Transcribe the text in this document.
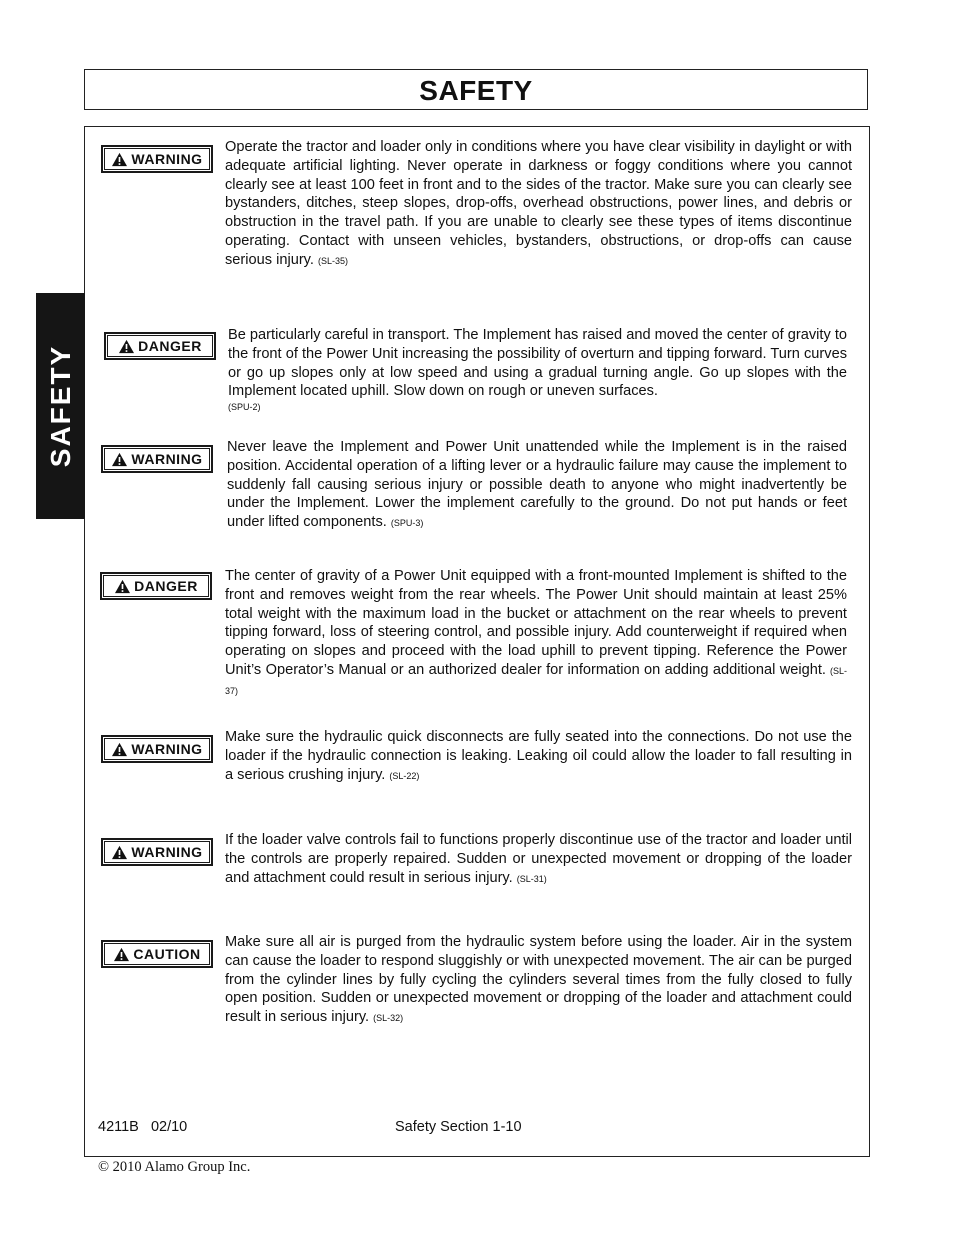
SAFETY
SAFETY
WARNING

Operate the tractor and loader only in conditions where you have clear visibility in daylight or with adequate artificial lighting. Never operate in darkness or foggy conditions where you cannot clearly see at least 100 feet in front and to the sides of the tractor. Make sure you can clearly see bystanders, ditches, steep slopes, drop-offs, overhead obstructions, power lines, and debris or obstruction in the travel path. If you are unable to clearly see these types of items discontinue operating. Contact with unseen vehicles, bystanders, obstructions, or drop-offs can cause serious injury. (SL-35)

DANGER

Be particularly careful in transport. The Implement has raised and moved the center of gravity to the front of the Power Unit increasing the possibility of overturn and tipping forward. Turn curves or go up slopes only at low speed and using a gradual turning angle. Go up slopes with the Implement located uphill. Slow down on rough or uneven surfaces.
(SPU-2)

WARNING

Never leave the Implement and Power Unit unattended while the Implement is in the raised position. Accidental operation of a lifting lever or a hydraulic failure may cause the implement to suddenly fall causing serious injury or possible death to anyone who might inadvertently be under the Implement. Lower the implement carefully to the ground. Do not put hands or feet under lifted components. (SPU-3)

DANGER

The center of gravity of a Power Unit equipped with a front-mounted Implement is shifted to the front and removes weight from the rear wheels. The Power Unit should maintain at least 25% total weight with the maximum load in the bucket or attachment on the rear wheels to prevent tipping forward, loss of steering control, and possible injury. Add counterweight if required when operating on slopes and proceed with the load uphill to prevent tipping. Reference the Power Unit’s Operator’s Manual or an authorized dealer for information on adding additional weight. (SL-37)

WARNING

Make sure the hydraulic quick disconnects are fully seated into the connections. Do not use the loader if the hydraulic connection is leaking. Leaking oil could allow the loader to fall resulting in a serious crushing injury. (SL-22)

WARNING

If the loader valve controls fail to functions properly discontinue use of the tractor and loader until the controls are properly repaired. Sudden or unexpected movement or dropping of the loader and attachment could result in serious injury. (SL-31)

CAUTION

Make sure all air is purged from the hydraulic system before using the loader. Air in the system can cause the loader to respond sluggishly or with unexpected movement. The air can be purged from the cylinder lines by fully cycling the cylinders several times from the fully closed to fully open position. Sudden or unexpected movement or dropping of the loader and attachment could result in serious injury. (SL-32)

4211B   02/10	Safety Section 1-10
© 2010 Alamo Group Inc.
